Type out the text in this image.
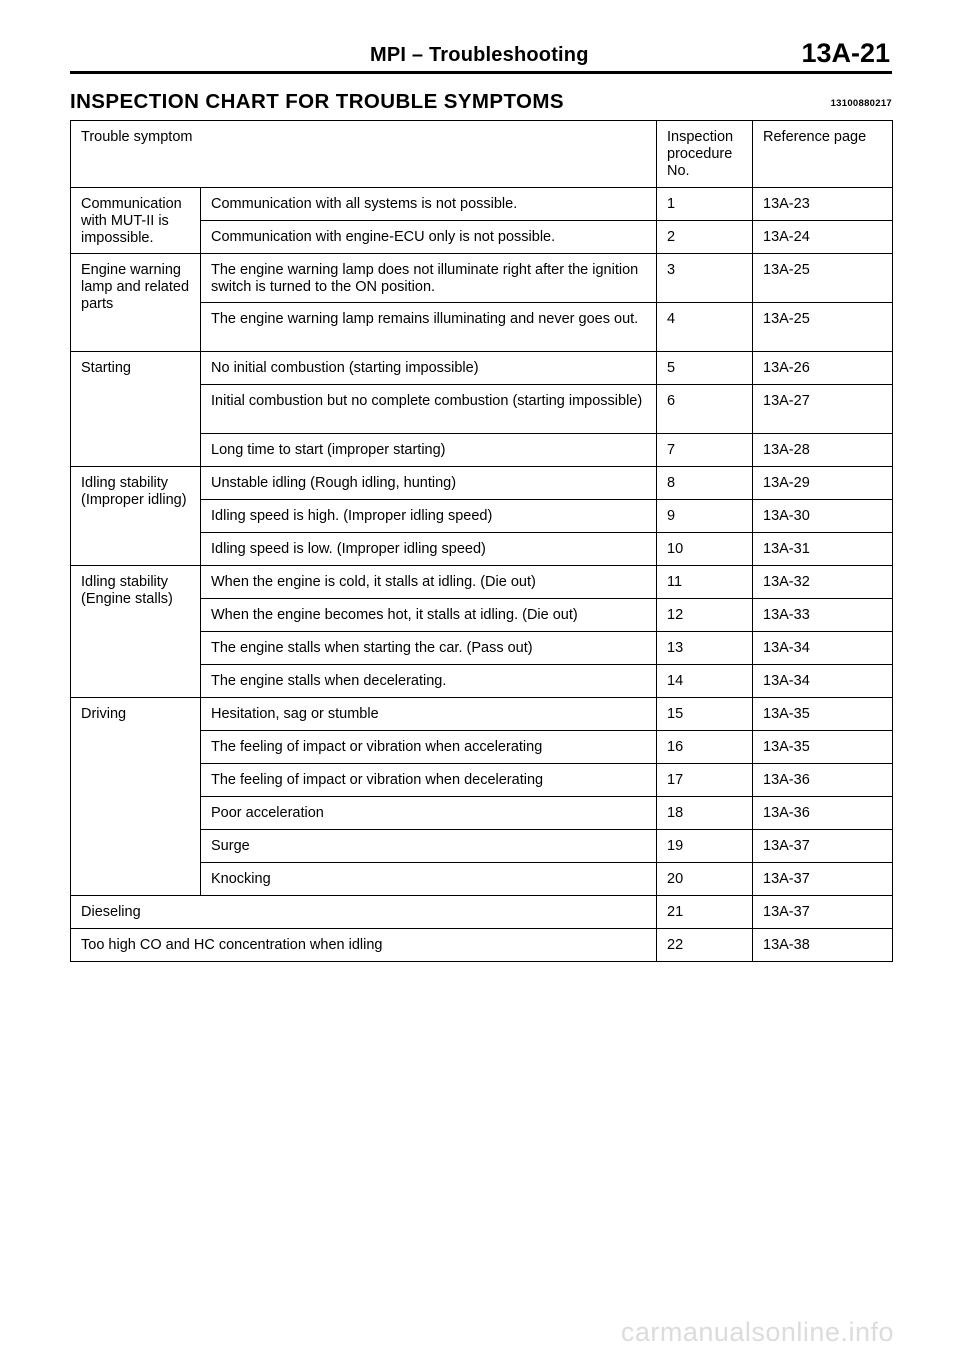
MPI – Troubleshooting	13A-21
INSPECTION CHART FOR TROUBLE SYMPTOMS	13100880217
Trouble symptom		Inspection procedure No.	Reference page
Communication with MUT-II is impossible.	Communication with all systems is not possible.	1	13A-23
	Communication with engine-ECU only is not possible.	2	13A-24
Engine warning lamp and related parts	The engine warning lamp does not illuminate right after the ignition switch is turned to the ON position.	3	13A-25
	The engine warning lamp remains illuminating and never goes out.	4	13A-25
Starting	No initial combustion (starting impossible)	5	13A-26
	Initial combustion but no complete combustion (starting impossible)	6	13A-27
	Long time to start (improper starting)	7	13A-28
Idling stability (Improper idling)	Unstable idling (Rough idling, hunting)	8	13A-29
	Idling speed is high. (Improper idling speed)	9	13A-30
	Idling speed is low. (Improper idling speed)	10	13A-31
Idling stability (Engine stalls)	When the engine is cold, it stalls at idling. (Die out)	11	13A-32
	When the engine becomes hot, it stalls at idling. (Die out)	12	13A-33
	The engine stalls when starting the car. (Pass out)	13	13A-34
	The engine stalls when decelerating.	14	13A-34
Driving	Hesitation, sag or stumble	15	13A-35
	The feeling of impact or vibration when accelerating	16	13A-35
	The feeling of impact or vibration when decelerating	17	13A-36
	Poor acceleration	18	13A-36
	Surge	19	13A-37
	Knocking	20	13A-37
Dieseling		21	13A-37
Too high CO and HC concentration when idling		22	13A-38
carmanualsonline.info
